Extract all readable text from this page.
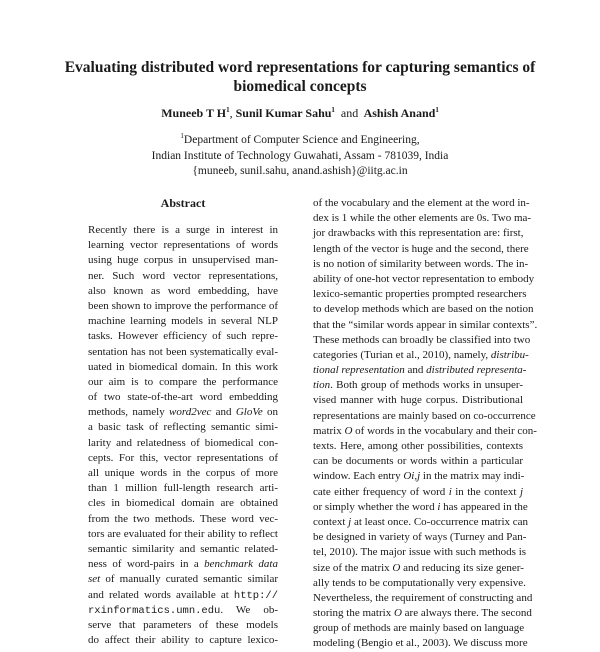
Evaluating distributed word representations for capturing semantics of
biomedical concepts
Muneeb T $H^1$, Sunil Kumar Sahu$^1$ and Ashish Anand$^1$
$^1$Department of Computer Science and Engineering,
Indian Institute of Technology Guwahati, Assam - 781039, India
{muneeb, sunil.sahu, anand.ashish}@iitg.ac.in
Abstract
Recently there is a surge in interest in
learning vector representations of words
using huge corpus in unsupervised man-
ner. Such word vector representations,
also known as word embedding, have
been shown to improve the performance of
machine learning models in several NLP
tasks. However efficiency of such repre-
sentation has not been systematically eval-
uated in biomedical domain. In this work
our aim is to compare the performance
of two state-of-the-art word embedding
methods, namely word2vec and GloVe on
a basic task of reflecting semantic simi-
larity and relatedness of biomedical con-
cepts. For this, vector representations of
all unique words in the corpus of more
than 1 million full-length research arti-
cles in biomedical domain are obtained
from the two methods. These word vec-
tors are evaluated for their ability to reflect
semantic similarity and semantic related-
ness of word-pairs in a benchmark data
set of manually curated semantic similar
and related words available at http://
rxinformatics.umn.edu. We ob-
serve that parameters of these models
do affect their ability to capture lexico-
of the vocabulary and the element at the word in-
dex is 1 while the other elements are 0s. Two ma-
jor drawbacks with this representation are: first,
length of the vector is huge and the second, there
is no notion of similarity between words. The in-
ability of one-hot vector representation to embody
lexico-semantic properties prompted researchers
to develop methods which are based on the notion
that the “similar words appear in similar contexts”.
These methods can broadly be classified into two
categories (Turian et al., 2010), namely, distribu-
tional representation and distributed representa-
tion. Both group of methods works in unsuper-
vised manner with huge corpus. Distributional
representations are mainly based on co-occurrence
matrix O of words in the vocabulary and their con-
texts. Here, among other possibilities, contexts
can be documents or words within a particular
window. Each entry Oi,j in the matrix may indi-
cate either frequency of word i in the context j
or simply whether the word i has appeared in the
context j at least once. Co-occurrence matrix can
be designed in variety of ways (Turney and Pan-
tel, 2010). The major issue with such methods is
size of the matrix O and reducing its size gener-
ally tends to be computationally very expensive.
Nevertheless, the requirement of constructing and
storing the matrix O are always there. The second
group of methods are mainly based on language
modeling (Bengio et al., 2003). We discuss more
